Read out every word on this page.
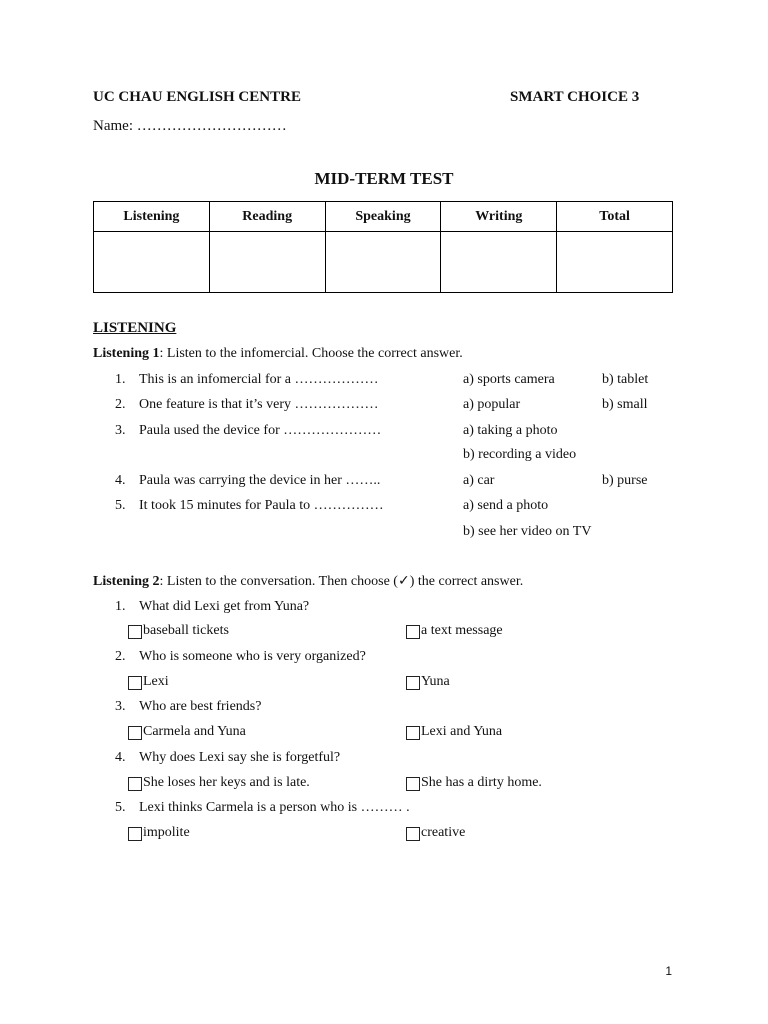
UC CHAU ENGLISH CENTRE	SMART CHOICE 3
Name: …………………………
MID-TERM TEST
Listening	Reading	Speaking	Writing	Total

LISTENING
Listening 1: Listen to the infomercial. Choose the correct answer.
1. This is an infomercial for a ………………	a) sports camera	b) tablet
2. One feature is that it’s very ………………	a) popular	b) small
3. Paula used the device for …………………	a) taking a photo
b) recording a video
4. Paula was carrying the device in her ……..	a) car	b) purse
5. It took 15 minutes for Paula to ……………	a) send a photo
b) see her video on TV
Listening 2: Listen to the conversation. Then choose (✓) the correct answer.
1. What did Lexi get from Yuna?
baseball tickets	a text message
2. Who is someone who is very organized?
Lexi	Yuna
3. Who are best friends?
Carmela and Yuna	Lexi and Yuna
4. Why does Lexi say she is forgetful?
She loses her keys and is late.	She has a dirty home.
5. Lexi thinks Carmela is a person who is ……… .
impolite	creative
1
